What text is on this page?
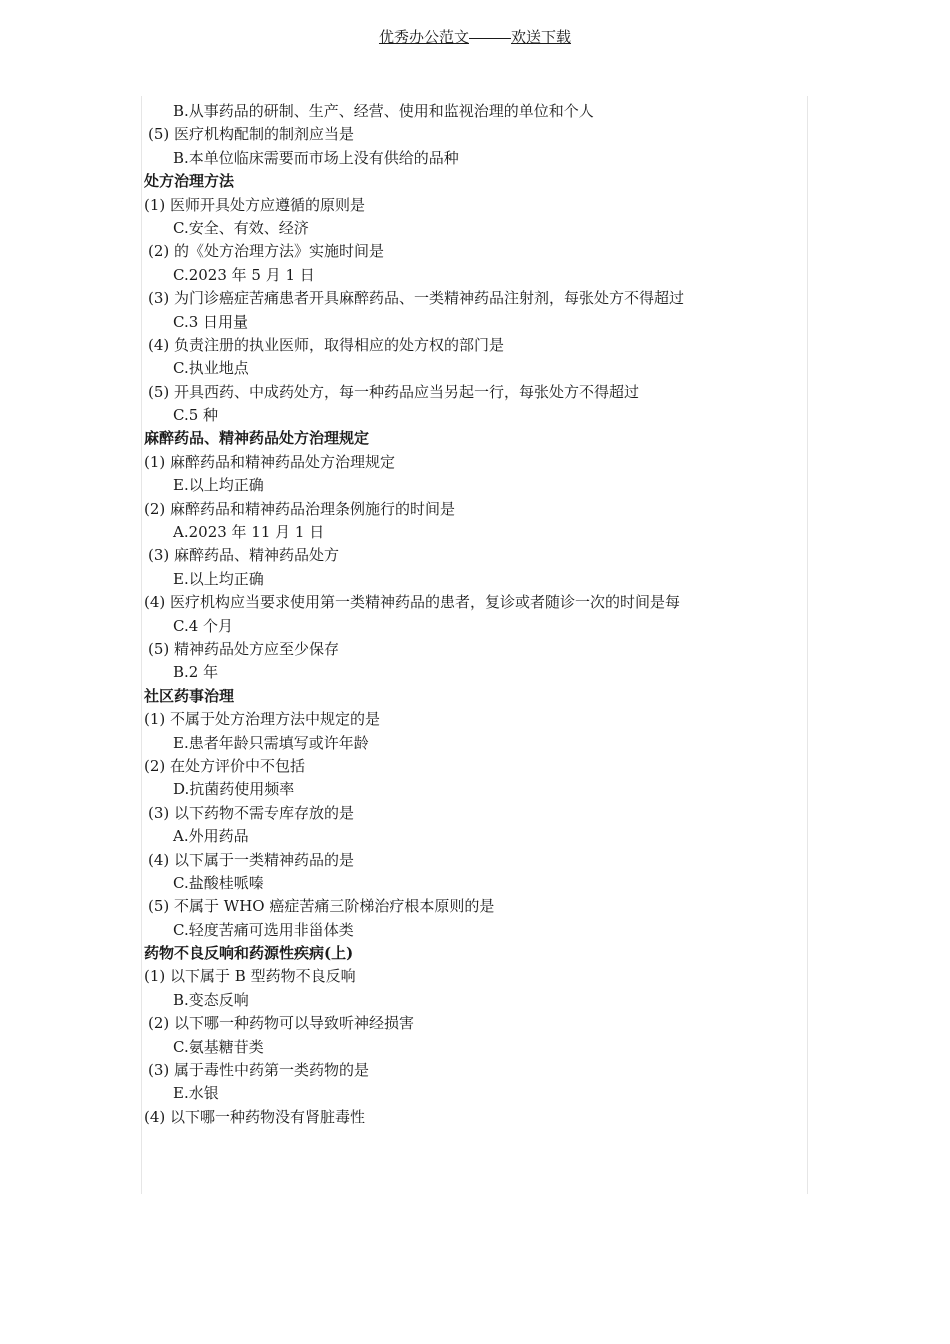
优秀办公范文	欢送下载
B.从事药品的研制、生产、经营、使用和监视治理的单位和个人
(5) 医疗机构配制的制剂应当是
B.本单位临床需要而市场上没有供给的品种
处方治理方法
(1) 医师开具处方应遵循的原则是
C.安全、有效、经济
(2) 的《处方治理方法》实施时间是
C.2023 年 5 月 1 日
(3) 为门诊癌症苦痛患者开具麻醉药品、一类精神药品注射剂，每张处方不得超过
C.3 日用量
(4) 负责注册的执业医师，取得相应的处方权的部门是
C.执业地点
(5) 开具西药、中成药处方，每一种药品应当另起一行，每张处方不得超过
C.5 种
麻醉药品、精神药品处方治理规定
(1) 麻醉药品和精神药品处方治理规定
E.以上均正确
(2) 麻醉药品和精神药品治理条例施行的时间是
A.2023 年 11 月 1 日
(3) 麻醉药品、精神药品处方
E.以上均正确
(4) 医疗机构应当要求使用第一类精神药品的患者，复诊或者随诊一次的时间是每
C.4 个月
(5) 精神药品处方应至少保存
B.2 年
社区药事治理
(1) 不属于处方治理方法中规定的是
E.患者年龄只需填写或许年龄
(2) 在处方评价中不包括
D.抗菌药使用频率
(3) 以下药物不需专库存放的是
A.外用药品
(4) 以下属于一类精神药品的是
C.盐酸桂哌嗪
(5) 不属于 WHO 癌症苦痛三阶梯治疗根本原则的是
C.轻度苦痛可选用非甾体类
药物不良反响和药源性疾病(上)
(1) 以下属于 B 型药物不良反响
B.变态反响
(2) 以下哪一种药物可以导致听神经损害
C.氨基糖苷类
(3) 属于毒性中药第一类药物的是
E.水银
(4) 以下哪一种药物没有肾脏毒性
